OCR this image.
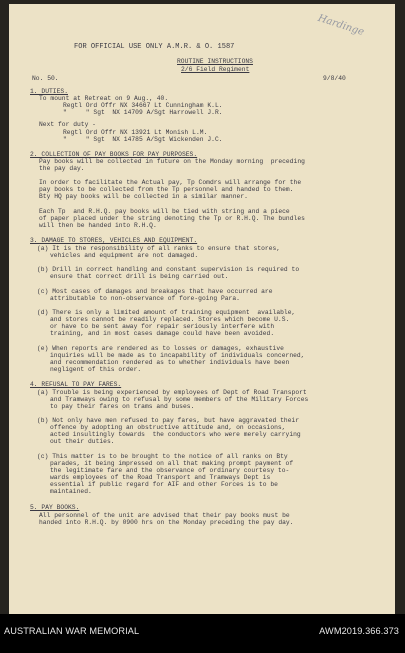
Hardinge
FOR OFFICIAL USE ONLY A.M.R. & O. 1587
ROUTINE INSTRUCTIONS
2/6 Field Regiment
No. 50.	9/8/40
1. DUTIES.
To mount at Retreat on 9 Aug., 40.
Regtl Ord Offr NX 34667 Lt Cunningham K.L.
"     " Sgt  NX 14709 A/Sgt Harrowell J.R.
Next for duty -
Regtl Ord Offr NX 13921 Lt Monish L.M.
"     " Sgt  NX 14785 A/Sgt Wickenden J.C.
2. COLLECTION OF PAY BOOKS FOR PAY PURPOSES.
Pay books will be collected in future on the Monday morning  preceding
the pay day.
In order to facilitate the Actual pay, Tp Comdrs will arrange for the
pay books to be collected from the Tp personnel and handed to them.
Bty HQ pay books will be collected in a similar manner.
Each Tp  and R.H.Q. pay books will be tied with string and a piece
of paper placed under the string denoting the Tp or R.H.Q. The bundles
will then be handed into R.H.Q.
3. DAMAGE TO STORES, VEHICLES AND EQUIPMENT.
(a) It is the responsibility of all ranks to ensure that stores,
vehicles and equipment are not damaged.
(b) Drill in correct handling and constant supervision is required to
ensure that correct drill is being carried out.
(c) Most cases of damages and breakages that have occurred are
attributable to non-observance of fore-going Para.
(d) There is only a limited amount of training equipment  available,
and stores cannot be readily replaced. Stores which become U.S.
or have to be sent away for repair seriously interfere with
training, and in most cases damage could have been avoided.
(e) When reports are rendered as to losses or damages, exhaustive
inquiries will be made as to incapability of individuals concerned,
and recommendation rendered as to whether individuals have been
negligent of this order.
4. REFUSAL TO PAY FARES.
(a) Trouble is being experienced by employees of Dept of Road Transport
and Tramways owing to refusal by some members of the Military Forces
to pay their fares on trams and buses.
(b) Not only have men refused to pay fares, but have aggravated their
offence by adopting an obstructive attitude and, on occasions,
acted insultingly towards  the conductors who were merely carrying
out their duties.
(c) This matter is to be brought to the notice of all ranks on Bty
parades, it being impressed on all that making prompt payment of
the legitimate fare and the observance of ordinary courtesy to-
wards employees of the Road Transport and Tramways Dept is
essential if public regard for AIF and other Forces is to be
maintained.
5. PAY BOOKS.
All personnel of the unit are advised that their pay books must be
handed into R.H.Q. by 0900 hrs on the Monday preceding the pay day.
AUSTRALIAN WAR MEMORIAL	AWM2019.366.373
